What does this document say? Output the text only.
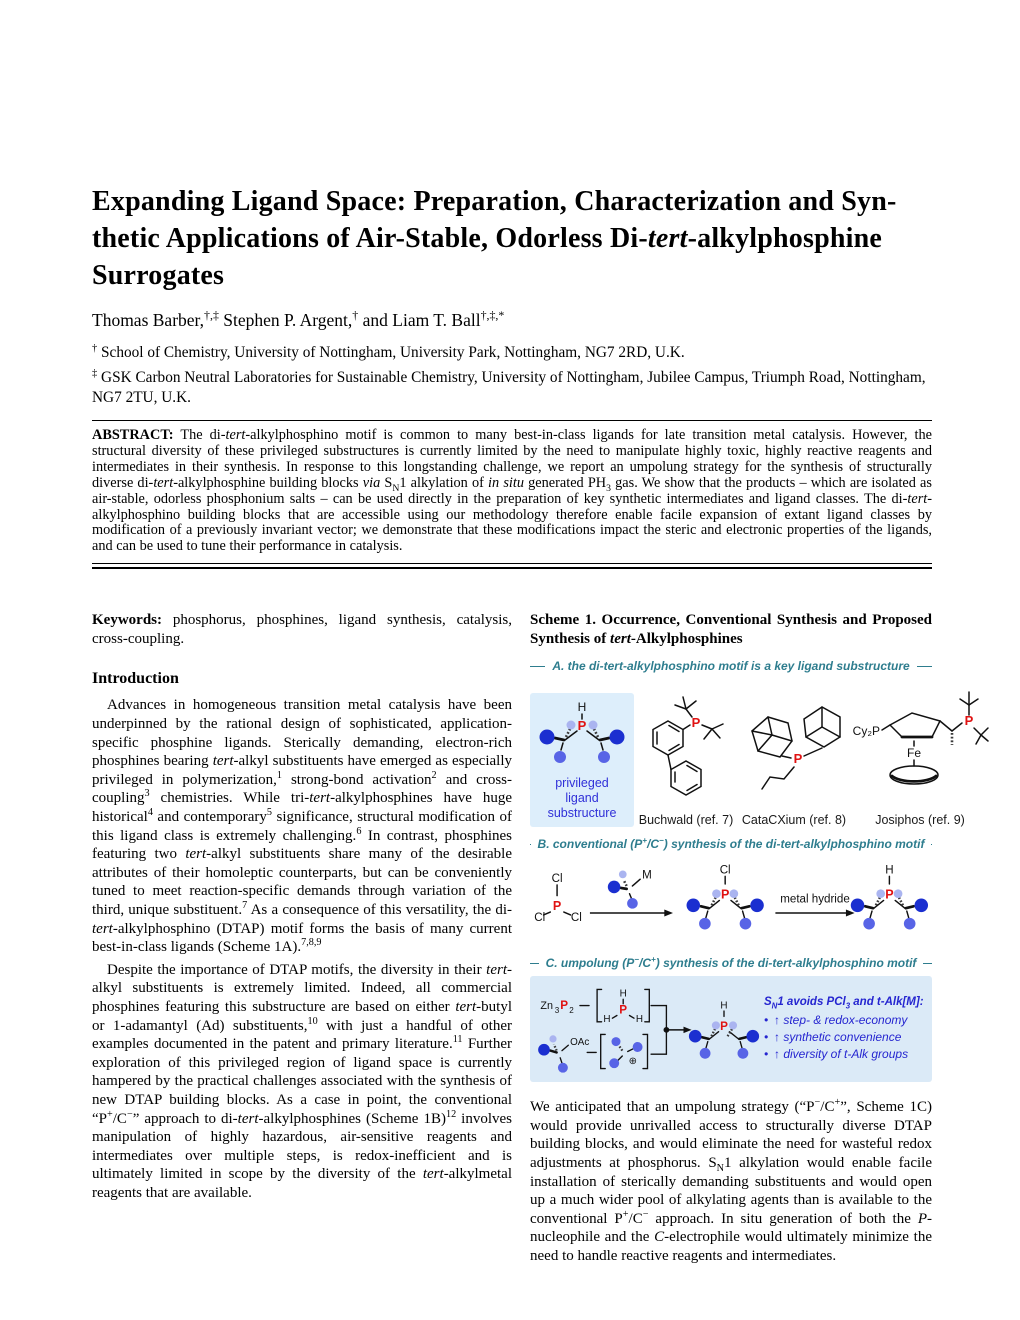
Expanding Ligand Space: Preparation, Characterization and Syn-
thetic Applications of Air-Stable, Odorless Di-tert-alkylphosphine
Surrogates
Thomas Barber,†,‡ Stephen P. Argent,† and Liam T. Ball†,‡,*
† School of Chemistry, University of Nottingham, University Park, Nottingham, NG7 2RD, U.K.
‡ GSK Carbon Neutral Laboratories for Sustainable Chemistry, University of Nottingham, Jubilee Campus, Triumph Road, Nottingham, NG7 2TU, U.K.
ABSTRACT: The di-tert-alkylphosphino motif is common to many best-in-class ligands for late transition metal catalysis. However, the structural diversity of these privileged substructures is currently limited by the need to manipulate highly toxic, highly reactive reagents and intermediates in their synthesis. In response to this longstanding challenge, we report an umpolung strategy for the synthesis of structurally diverse di-tert-alkylphosphine building blocks via $S_N1$ alkylation of in situ generated $PH_3$ gas. We show that the products – which are isolated as air-stable, odorless phosphonium salts – can be used directly in the preparation of key synthetic intermediates and ligand classes. The di-tert-alkylphosphino building blocks that are accessible using our methodology therefore enable facile expansion of extant ligand classes by modification of a previously invariant vector; we demonstrate that these modifications impact the steric and electronic properties of the ligands, and can be used to tune their performance in catalysis.

Keywords: phosphorus, phosphines, ligand synthesis, catalysis, cross-coupling.

Introduction

Advances in homogeneous transition metal catalysis have been underpinned by the rational design of sophisticated, application-specific phosphine ligands. Sterically demanding, electron-rich phosphines bearing tert-alkyl substituents have emerged as especially privileged in polymerization,$^1$ strong-bond activation$^2$ and cross-coupling$^3$ chemistries. While tri-tert-alkylphosphines have huge historical$^4$ and contemporary$^5$ significance, structural modification of this ligand class is extremely challenging.$^6$ In contrast, phosphines featuring two tert-alkyl substituents share many of the desirable attributes of their homoleptic counterparts, but can be conveniently tuned to meet reaction-specific demands through variation of the third, unique substituent.$^7$ As a consequence of this versatility, the di-tert-alkylphosphino (DTAP) motif forms the basis of many current best-in-class ligands (Scheme 1A).$^{7,8,9}$

Despite the importance of DTAP motifs, the diversity in their tert-alkyl substituents is extremely limited. Indeed, all commercial phosphines featuring this substructure are based on either tert-butyl or 1-adamantyl (Ad) substituents,$^{10}$ with just a handful of other examples documented in the patent and primary literature.$^{11}$ Further exploration of this privileged region of ligand space is currently hampered by the practical challenges associated with the synthesis of new DTAP building blocks. As a case in point, the conventional “P+/C−” approach to di-tert-alkylphosphines (Scheme 1B)$^{12}$ involves manipulation of highly hazardous, air-sensitive reagents and intermediates over multiple steps, is redox-inefficient and is ultimately limited in scope by the diversity of the tert-alkylmetal reagents that are available.

Scheme 1. Occurrence, Conventional Synthesis and Proposed Synthesis of tert-Alkylphosphines

A. the di-tert-alkylphosphino motif is a key ligand substructure
H
P
privileged
ligand
substructure
P
Buchwald (ref. 7)
P
CataCXium (ref. 8)
Cy₂P
Fe
P
Josiphos (ref. 9)
B. conventional (P+/C−) synthesis of the di-tert-alkylphosphino motif
Cl
P
Cl Cl
M	Cl
P	metal hydride
H
P
C. umpolung (P−/C+) synthesis of the di-tert-alkylphosphino motif
Zn 3 P 2
H
P
H H
OAc
⊕
H
P
$S_N1$ avoids PCl$_3$ and t-Alk[M]:
• ↑ step- & redox-economy
• ↑ synthetic convenience
• ↑ diversity of t-Alk groups

We anticipated that an umpolung strategy (“P−/C+”, Scheme 1C) would provide unrivalled access to structurally diverse DTAP building blocks, and would eliminate the need for wasteful redox adjustments at phosphorus. $S_N1$ alkylation would enable facile installation of sterically demanding substituents and would open up a much wider pool of alkylating agents than is available to the conventional P+/C− approach. In situ generation of both the P-nucleophile and the C-electrophile would ultimately minimize the need to handle reactive reagents and intermediates.
